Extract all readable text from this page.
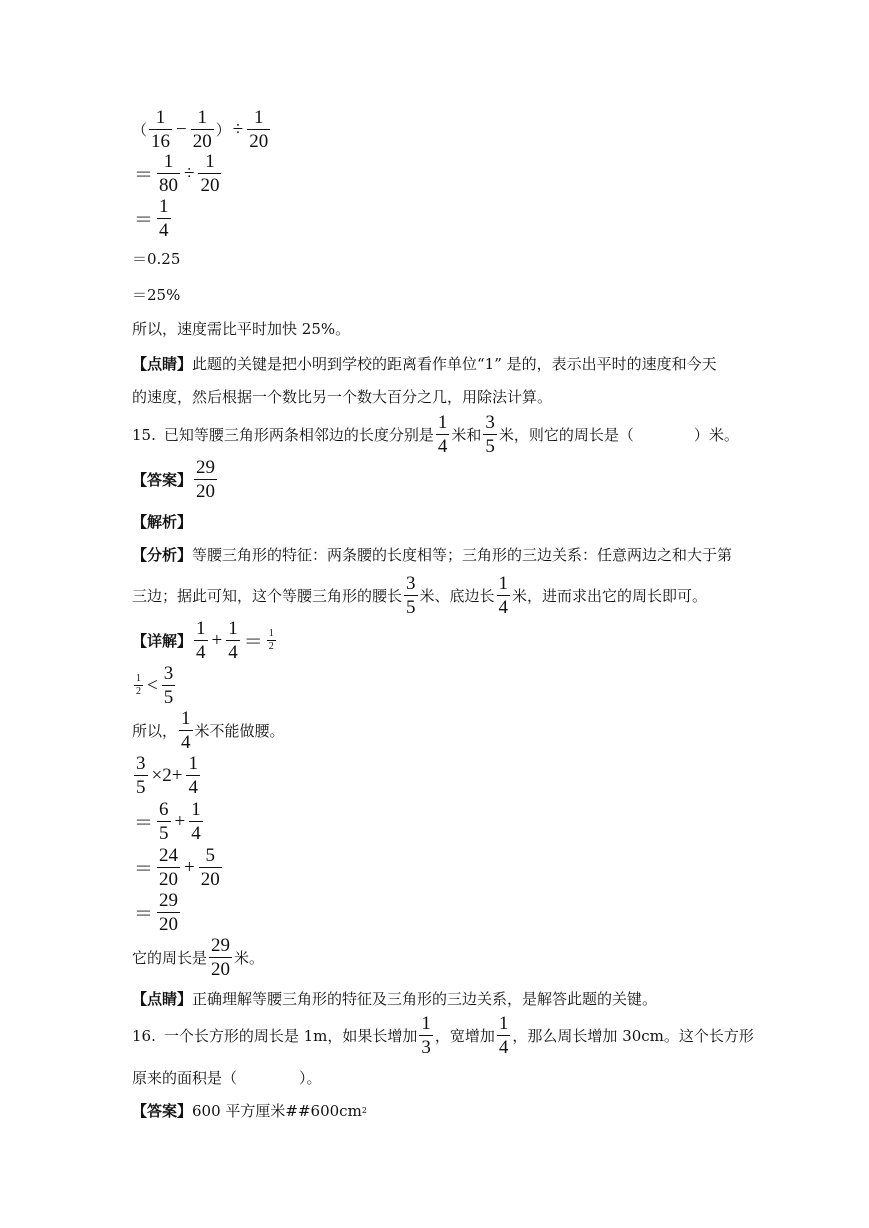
（
1
16
− $\frac{1}{20}$ ） ÷ $\frac{1}{20}$
＝ $\frac{1}{80} \div \frac{1}{20}$
＝
1
4
＝0.25
＝25%
所以，速度需比平时加快 25%。
【点睛】 此题的关键是把小明到学校的距离看作单位“1” 是的，表示出平时的速度和今天
的速度，然后根据一个数比另一个数大百分之几，用除法计算。
15. 已知等腰三角形两条相邻边的长度分别是
1
4
米和
3
5
米，则它的周长是（	）米。
【答案】
29
20
【解析】
【分析】 等腰三角形的特征：两条腰的长度相等；三角形的三边关系：任意两边之和大于第
三边；据此可知，这个等腰三角形的腰长
3
5
米、底边长
1
4
米，进而求出它的周长即可。
【详解】
1
4
+ $\frac{1}{4} = 1$
2
1
2 <
3
5
所以，
1
4
米不能做腰。
$\frac{3}{5} \times 2+ \frac{1}{4}$
＝
6
5
+ $\frac{1}{4}$
＝
24
20
+ $\frac{5}{20}$
＝
29
20
它的周长是
29
20
米。
【点睛】 正确理解等腰三角形的特征及三角形的三边关系，是解答此题的关键。
16. 一个长方形的周长是 1m，如果长增加
1
3
，宽增加
1
4
，那么周长增加 30cm。这个长方形
原来的面积是（	）。
【答案】 600 平方厘米##600cm 2
